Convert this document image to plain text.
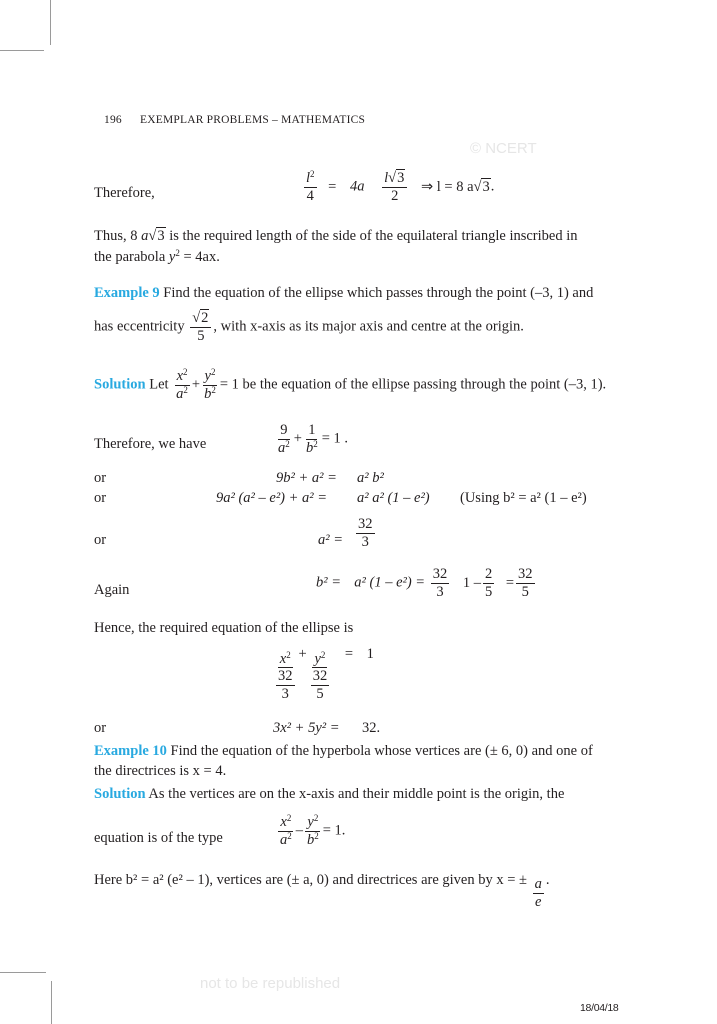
© NCERT
not to be republished
196 EXEMPLAR PROBLEMS – MATHEMATICS
Therefore,	$\frac{l^2}{4} = 4a \frac{l√3}{2}$ ⇒ l = 8 a√3.
Thus, 8 a√3 is the required length of the side of the equilateral triangle inscribed in
the parabola $y^2 = 4ax$.
Example 9 Find the equation of the ellipse which passes through the point (–3, 1) and
has eccentricity $\frac{√2}{5}$ , with x-axis as its major axis and centre at the origin.
Solution Let $\frac{x^2}{a^2} + \frac{y^2}{b^2} = 1$ be the equation of the ellipse passing through the point (–3, 1).
Therefore, we have	$\frac{9}{a^2} + \frac{1}{b^2} = 1$ .
or	9b² + a² = a² b²
or	9a² (a² – e²) + a² = a² a² (1 – e²) (Using b² = a² (1 – e²)
or	$a^2 = \frac{32}{3}$
Again	b² = a² $(1 - e^2) = \frac{32}{3} 1 - \frac{2}{5} = \frac{32}{5}$
Hence, the required equation of the ellipse is
$\frac{x^2}{\frac{32}{3}} + \frac{y^2}{\frac{32}{5}} = 1$
or	3x² + 5y² = 32.
Example 10 Find the equation of the hyperbola whose vertices are (± 6, 0) and one of
the directrices is x = 4.
Solution As the vertices are on the x-axis and their middle point is the origin, the
equation is of the type	$\frac{x^2}{a^2} - \frac{y^2}{b^2} = 1$.
Here b² = a² (e² – 1), vertices are (± a, 0) and directrices are given by x = ± $\frac{a}{e}$ .
18/04/18
